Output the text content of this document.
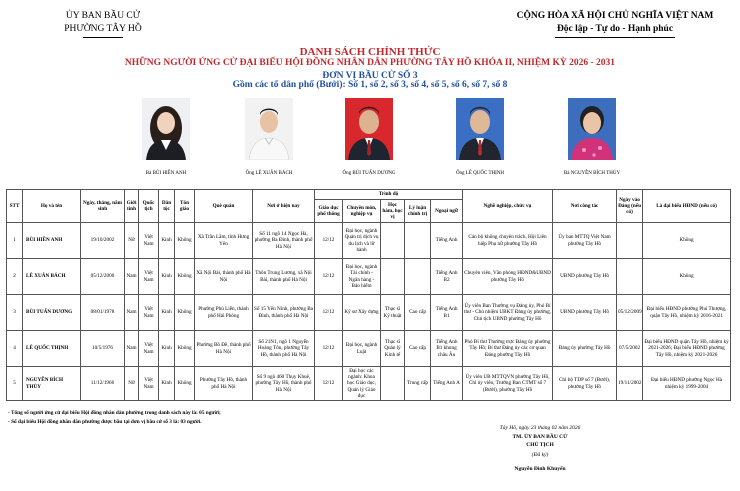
ỦY BAN BẦU CỬ
PHƯỜNG TÂY HỒ
CỘNG HÒA XÃ HỘI CHỦ NGHĨA VIỆT NAM
Độc lập - Tự do - Hạnh phúc
DANH SÁCH CHÍNH THỨC
NHỮNG NGƯỜI ỨNG CỬ ĐẠI BIỂU HỘI ĐỒNG NHÂN DÂN PHƯỜNG TÂY HỒ KHÓA II, NHIỆM KỲ 2026 - 2031
ĐƠN VỊ BẦU CỬ SỐ 3
Gồm các tổ dân phố (Bưởi): Số 1, số 2, số 3, số 4, số 5, số 6, số 7, số 8
Bà BÙI HIỀN ANH	Ông LÊ XUÂN BÁCH	Ông BÙI TUẤN DƯƠNG	Ông LÊ QUỐC THỊNH	Bà NGUYỄN BÍCH THỦY
STT	Họ và tên	Ngày, tháng, năm sinh	Giới tính	Quốc tịch	Dân tộc	Tôn giáo	Quê quán	Nơi ở hiện nay	Trình độ					Nghề nghiệp, chức vụ	Nơi công tác	Ngày vào Đảng (nếu có)	Là đại biểu HĐND (nếu có)
									Giáo dục phổ thông	Chuyên môn, nghiệp vụ	Học hàm, học vị	Lý luận chính trị	Ngoại ngữ				
1	BÙI HIỀN ANH	19/10/2002	Nữ	Việt Nam	Kinh	Không	Xã Trần Lãm, tỉnh Hưng Yên	Số 11 ngõ 14 Ngọc Hà, phường Ba Đình, thành phố Hà Nội	12/12	Đại học, ngành Quản trị dịch vụ du lịch và lữ hành			Tiếng Anh	Cán bộ không chuyên trách, Hội Liên hiệp Phụ nữ phường Tây Hồ	Ủy ban MTTQ Việt Nam phường Tây Hồ		Không
2	LÊ XUÂN BÁCH	05/12/2000	Nam	Việt Nam	Kinh	Không	Xã Nội Bài, thành phố Hà Nội	Thôn Trung Lương, xã Nội Bài, thành phố Hà Nội	12/12	Đại học, ngành Tài chính - Ngân hàng - Bảo hiểm			Tiếng Anh B2	Chuyên viên, Văn phòng HĐND&UBND phường Tây Hồ	UBND phường Tây Hồ		Không
3	BÙI TUẤN DƯƠNG	08/01/1978	Nam	Việt Nam	Kinh	Không	Phường Phù Liễn, thành phố Hải Phòng	Số 15 Yên Ninh, phường Ba Đình, thành phố Hà Nội	12/12	Kỹ sư Xây dựng	Thạc sĩ Kỹ thuật	Cao cấp	Tiếng Anh B1	Ủy viên Ban Thường vụ Đảng ủy, Phó Bí thư - Chủ nhiệm UBKT Đảng ủy phường, Chủ tịch UBND phường Tây Hồ	UBND phường Tây Hồ	05/12/2009	Đại biểu HĐND phường Phú Thượng, quận Tây Hồ, nhiệm kỳ 2016-2021
4	LÊ QUỐC THỊNH	10/5/1976	Nam	Việt Nam	Kinh	Không	Phường Bồ Đề, thành phố Hà Nội	Số 21N1, ngõ 1 Nguyễn Hoàng Tôn, phường Tây Hồ, thành phố Hà Nội	12/12	Đại học, ngành Luật	Thạc sĩ Quản lý Kinh tế	Cao cấp	Tiếng Anh B1 khung châu Âu	Phó Bí thư Thường trực Đảng ủy phường Tây Hồ; Bí thư Đảng ủy các cơ quan Đảng phường Tây Hồ	Đảng ủy phường Tây Hồ	07/5/2002	Đại biểu HĐND quận Tây Hồ, nhiệm kỳ 2021-2026; Đại biểu HĐND phường Tây Hồ, nhiệm kỳ 2021-2026
5	NGUYỄN BÍCH THỦY	11/12/1966	Nữ	Việt Nam	Kinh	Không	Phường Tây Hồ, thành phố Hà Nội	Số 9 ngõ 460 Thụy Khuê, phường Tây Hồ, thành phố Hà Nội	12/12	Đại học các ngành: Khoa học Giáo dục, Quản lý Giáo dục		Trung cấp	Tiếng Anh A	Ủy viên UB MTTQVN phường Tây Hồ, Chi ủy viên, Trưởng Ban CTMT số 7 (Bưởi), phường Tây Hồ	Chi bộ TDP số 7 (Bưởi), phường Tây Hồ	19/11/2002	Đại biểu HĐND phường Ngọc Hà nhiệm kỳ 1999-2004
- Tổng số người ứng cử đại biểu Hội đồng nhân dân phường trong danh sách này là: 05 người;
- Số đại biểu Hội đồng nhân dân phường được bầu tại đơn vị bầu cử số 3 là: 03 người.
Tây Hồ, ngày 23 tháng 02 năm 2026
TM. ỦY BAN BẦU CỬ
CHỦ TỊCH
(Đã ký)
Nguyễn Đình Khuyến
